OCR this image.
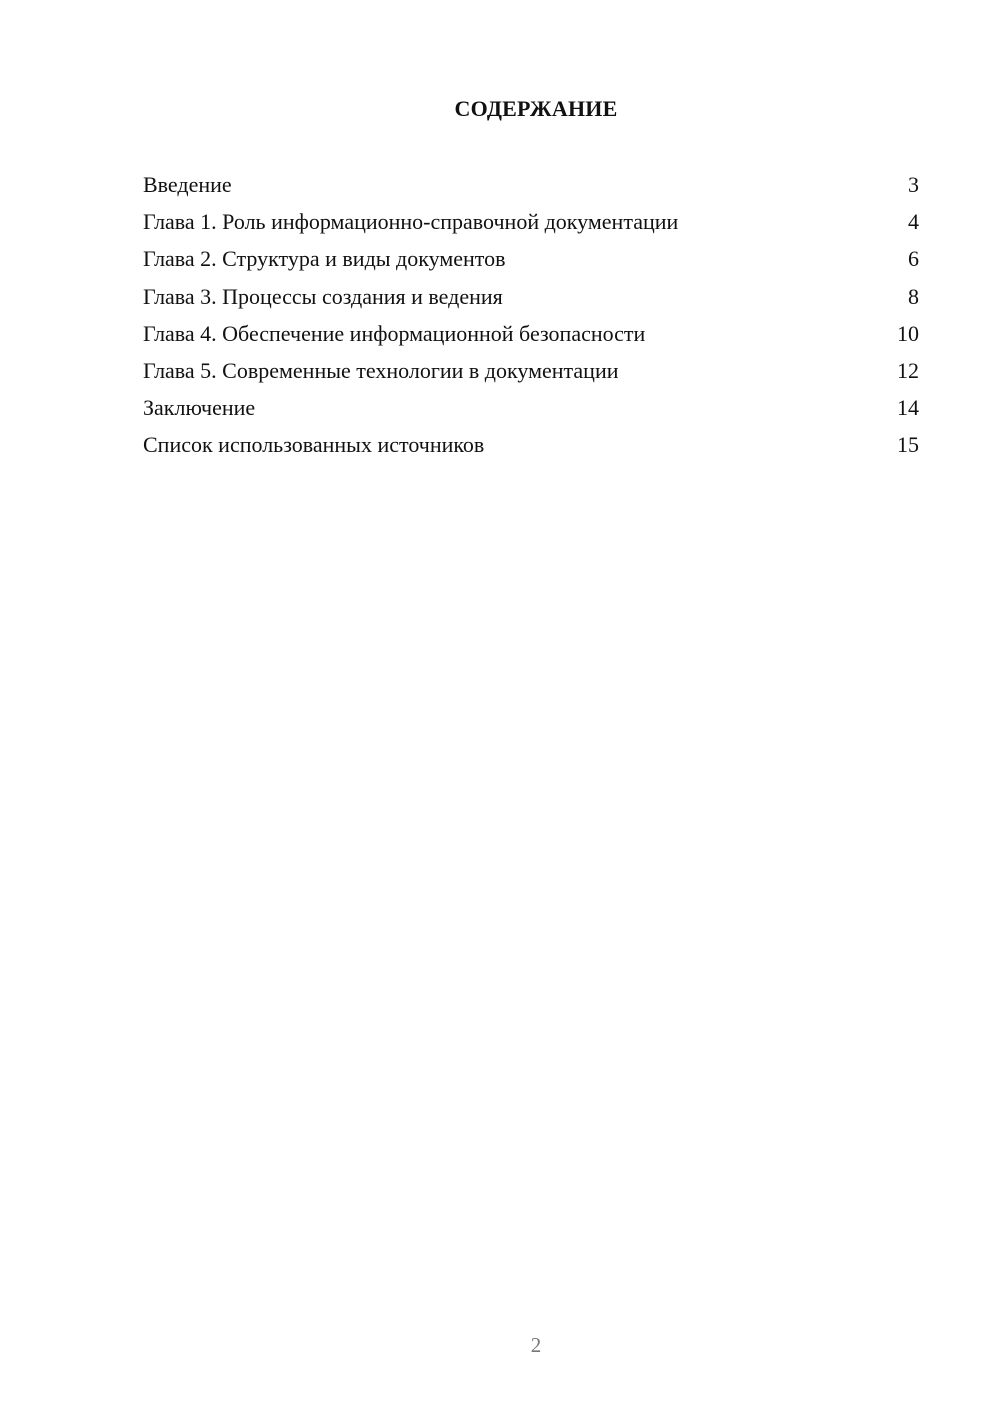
СОДЕРЖАНИЕ
Введение	3
Глава 1. Роль информационно-справочной документации	4
Глава 2. Структура и виды документов	6
Глава 3. Процессы создания и ведения	8
Глава 4. Обеспечение информационной безопасности	10
Глава 5. Современные технологии в документации	12
Заключение	14
Список использованных источников	15
2
